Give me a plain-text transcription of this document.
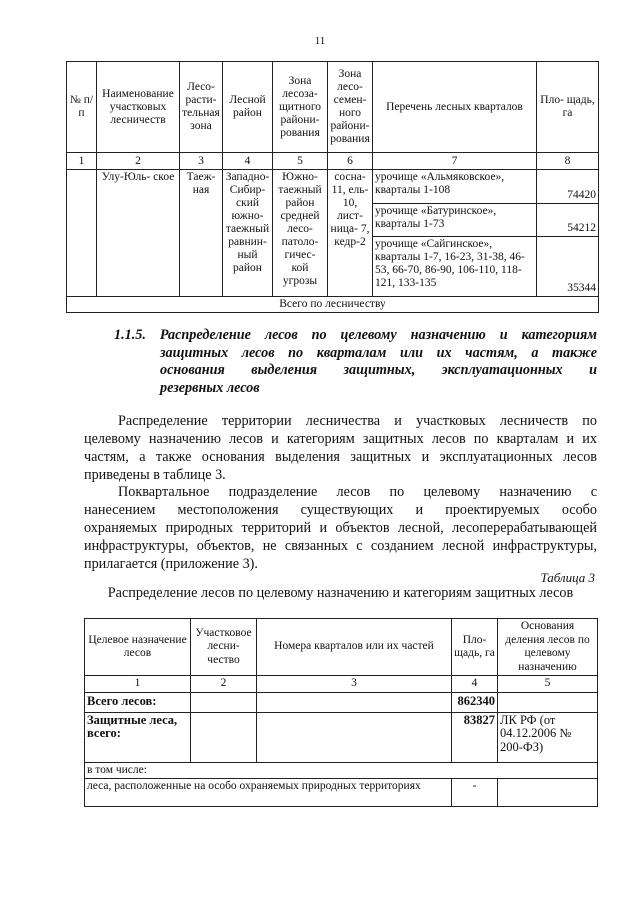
11
№ п/п	Наименование участковых лесничеств	Лесо- расти- тельная зона	Лесной район	Зона лесоза- щитного райони- рования	Зона лесо- семен- ного райони- рования	Перечень лесных кварталов	Пло- щадь, га
1	2	3	4	5	6	7	8
	Улу-Юль- ское	Таеж- ная	Западно- Сибир- ский южно- таежный равнин- ный район	Южно- таежный район средней лесо- патоло- гичес- кой угрозы	сосна- 11, ель- 10, лист- ница- 7, кедр-2	урочище «Альмяковское», кварталы 1-108	74420
						урочище «Батуринское», кварталы 1-73	54212
						урочище «Сайгинское», кварталы 1-7, 16-23, 31-38, 46-53, 66-70, 86-90, 106-110, 118-121, 133-135	35344
Всего по лесничеству							
1.1.5. Распределение лесов по целевому назначению и категориям
защитных лесов по кварталам или их частям, а также
основания выделения защитных, эксплуатационных и
резервных лесов
Распределение территории лесничества и участковых лесничеств по
целевому назначению лесов и категориям защитных лесов по кварталам и их
частям, а также основания выделения защитных и эксплуатационных лесов
приведены в таблице 3.
Поквартальное подразделение лесов по целевому назначению с
нанесением местоположения существующих и проектируемых особо
охраняемых природных территорий и объектов лесной, лесоперерабатывающей
инфраструктуры, объектов, не связанных с созданием лесной инфраструктуры,
прилагается (приложение 3).
Таблица 3
Распределение лесов по целевому назначению и категориям защитных лесов
Целевое назначение лесов	Участковое лесни- чество	Номера кварталов или их частей	Пло- щадь, га	Основания деления лесов по целевому назначению
1	2	3	4	5
Всего лесов:			862340	
Защитные леса, всего:			83827	ЛК РФ (от 04.12.2006 № 200-ФЗ)
в том числе:				
леса, расположенные на особо охраняемых природных территориях			-	
